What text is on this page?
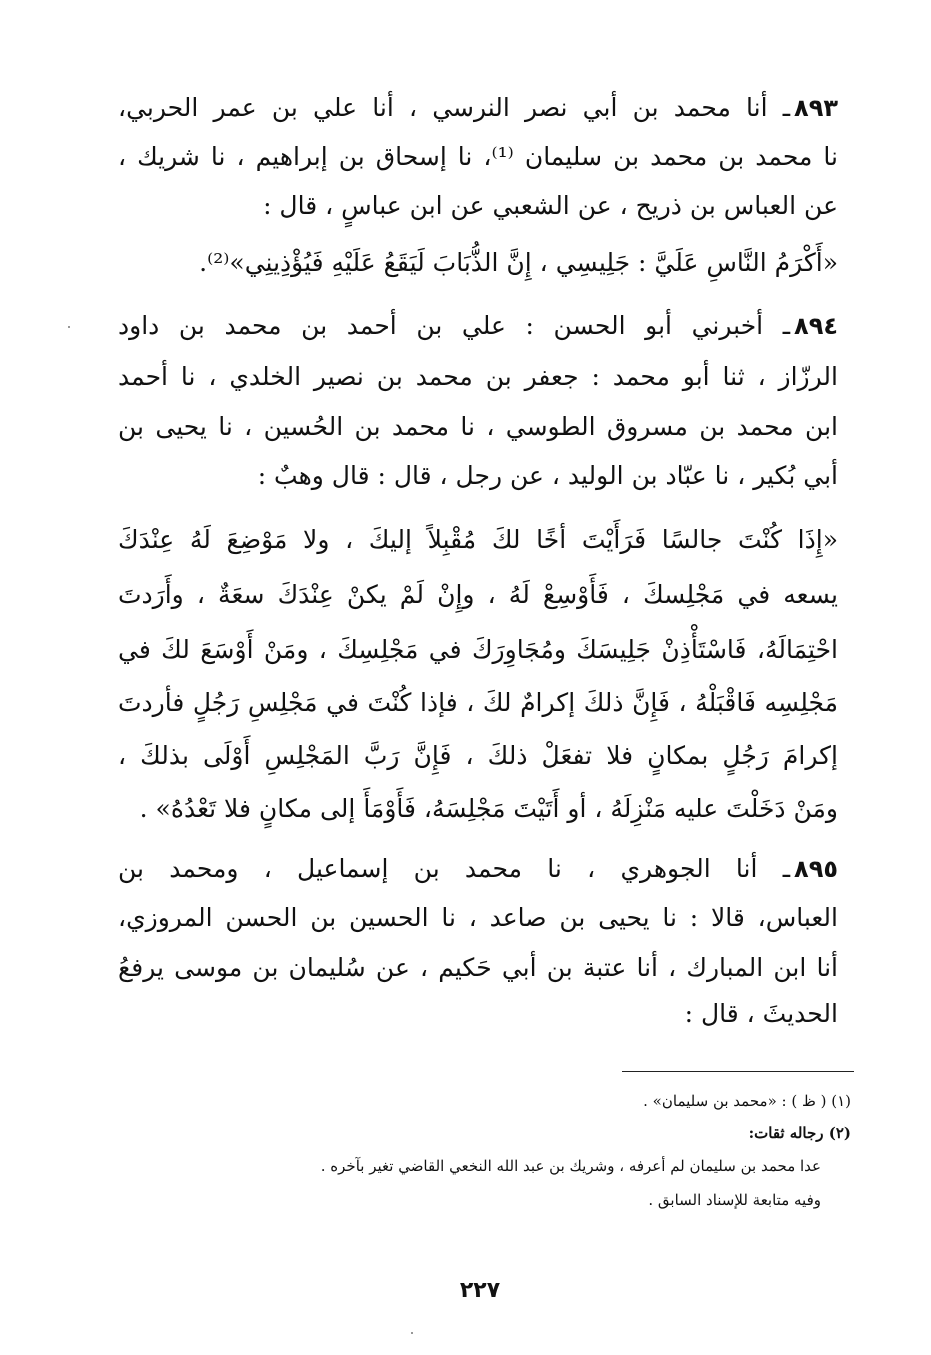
٨٩٣ـ أنا محمد بن أبي نصر النرسي ، أنا علي بن عمر الحربي،
نا محمد بن محمد بن سليمان ⁽¹⁾، نا إسحاق بن إبراهيم ، نا شريك ،
عن العباس بن ذريح ، عن الشعبي عن ابن عباسٍ ، قال :
«أَكْرَمُ النَّاسِ عَلَيَّ : جَلِيسِي ، إِنَّ الذُّبَابَ لَيَقَعُ عَلَيْهِ فَيُؤْذِينِي»⁽²⁾.
٨٩٤ـ أخبرني أبو الحسن : علي بن أحمد بن محمد بن داود
الرزّاز ، ثنا أبو محمد : جعفر بن محمد بن نصير الخلدي ، نا أحمد
ابن محمد بن مسروق الطوسي ، نا محمد بن الحُسين ، نا يحيى بن
أبي بُكير ، نا عبّاد بن الوليد ، عن رجل ، قال : قال وهبٌ :
«إِذَا كُنْتَ جالسًا فَرَأَيْتَ أخًا لكَ مُقْبِلاً إليكَ ، ولا مَوْضِعَ لَهُ عِنْدَكَ
يسعه في مَجْلِسكَ ، فَأَوْسِعْ لَهُ ، وإِنْ لَمْ يكنْ عِنْدَكَ سعَةٌ ، وأَرَدتَ
احْتِمَالَهُ، فَاسْتَأْذِنْ جَلِيسَكَ ومُجَاوِرَكَ في مَجْلِسِكَ ، ومَنْ أَوْسَعَ لكَ في
مَجْلِسِه فَاقْبَلْهُ ، فَإِنَّ ذلكَ إكرامٌ لكَ ، فإذا كُنْتَ في مَجْلِسِ رَجُلٍ فأردتَ
إكرامَ رَجُلٍ بمكانٍ فلا تفعَلْ ذلكَ ، فَإِنَّ رَبَّ المَجْلِسِ أَوْلَى بذلكَ ،
ومَنْ دَخَلْتَ عليه مَنْزِلَهُ ، أو أَتَيْتَ مَجْلِسَهُ، فَأَوْمَأَ إلى مكانٍ فلا تَعْدُهُ» .
٨٩٥ـ أنا الجوهري ، نا محمد بن إسماعيل ، ومحمد بن
العباس، قالا : نا يحيى بن صاعد ، نا الحسين بن الحسن المروزي،
أنا ابن المبارك ، أنا عتبة بن أبي حَكيم ، عن سُليمان بن موسى يرفعُ
الحديثَ ، قال :
(١) ( ظ ) : «محمد بن سليمان» .
(٢) رجاله ثقات:
عدا محمد بن سليمان لم أعرفه ، وشريك بن عبد الله النخعي القاضي تغير بآخره .
وفيه متابعة للإسناد السابق .
٢٢٧
